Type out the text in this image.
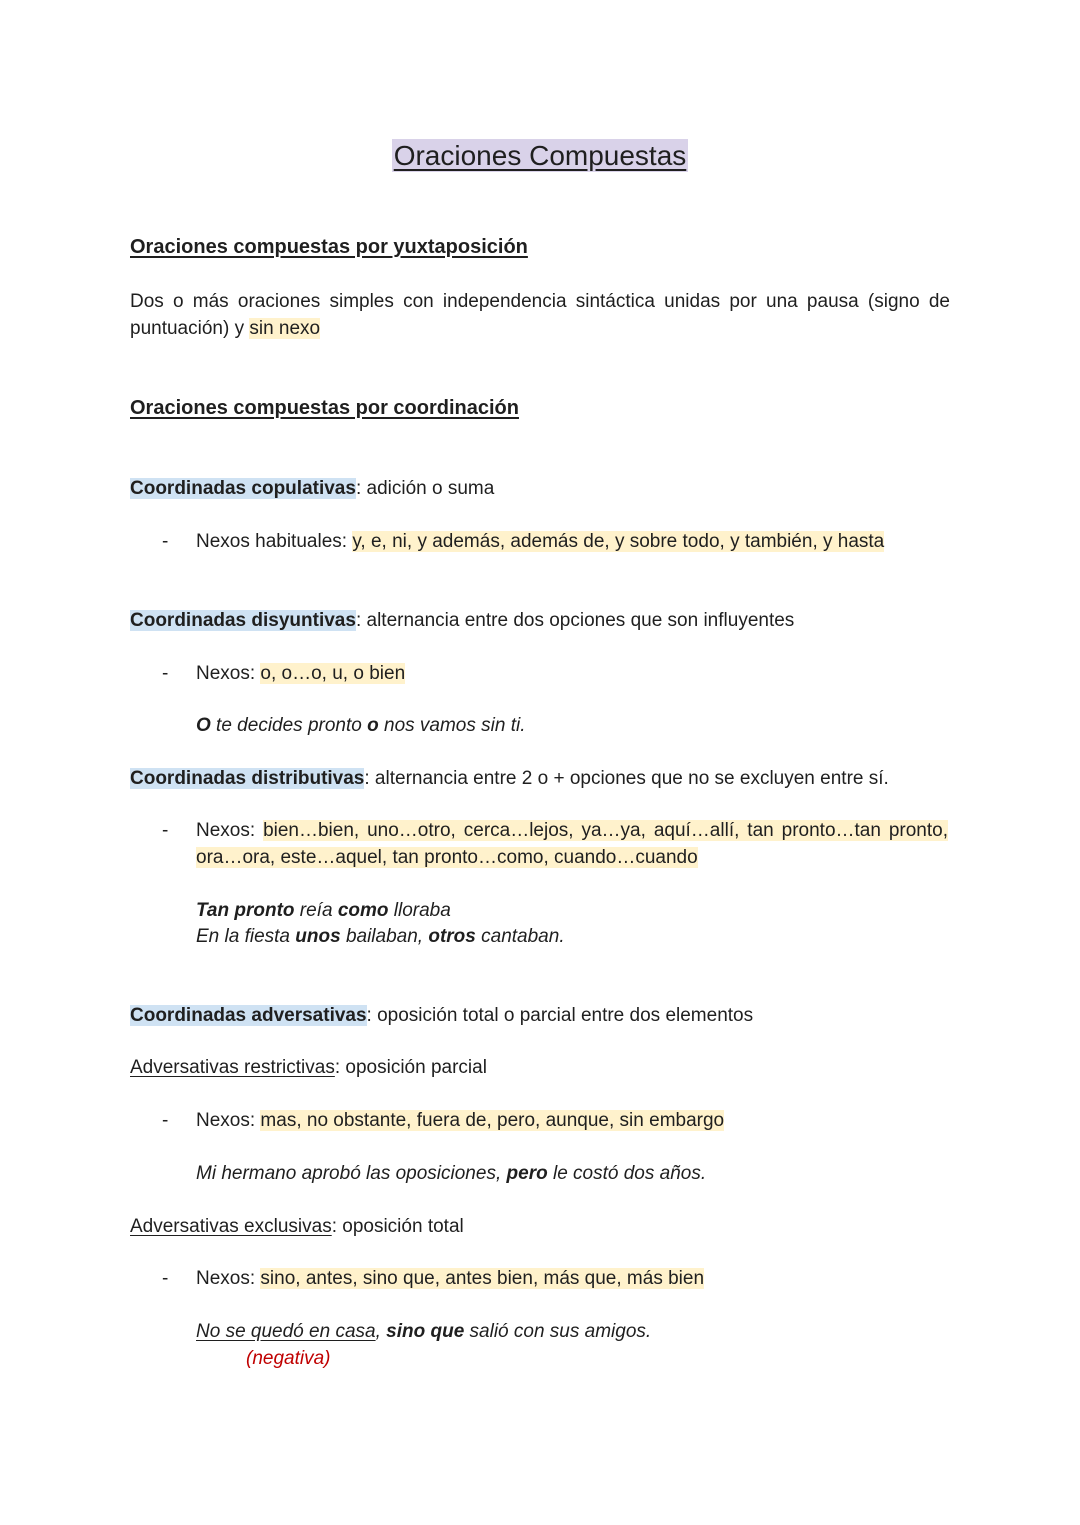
Oraciones Compuestas
Oraciones compuestas por yuxtaposición
Dos o más oraciones simples con independencia sintáctica unidas por una pausa (signo de puntuación) y sin nexo
Oraciones compuestas por coordinación
Coordinadas copulativas: adición o suma
- Nexos habituales: y, e, ni, y además, además de, y sobre todo, y también, y hasta
Coordinadas disyuntivas: alternancia entre dos opciones que son influyentes
- Nexos: o, o…o, u, o bien
O te decides pronto o nos vamos sin ti.
Coordinadas distributivas: alternancia entre 2 o + opciones que no se excluyen entre sí.
- Nexos: bien…bien, uno…otro, cerca…lejos, ya…ya, aquí…allí, tan pronto…tan pronto, ora…ora, este…aquel, tan pronto…como, cuando…cuando
Tan pronto reía como lloraba
En la fiesta unos bailaban, otros cantaban.
Coordinadas adversativas: oposición total o parcial entre dos elementos
Adversativas restrictivas: oposición parcial
- Nexos: mas, no obstante, fuera de, pero, aunque, sin embargo
Mi hermano aprobó las oposiciones, pero le costó dos años.
Adversativas exclusivas: oposición total
- Nexos: sino, antes, sino que, antes bien, más que, más bien
No se quedó en casa, sino que salió con sus amigos.
(negativa)
